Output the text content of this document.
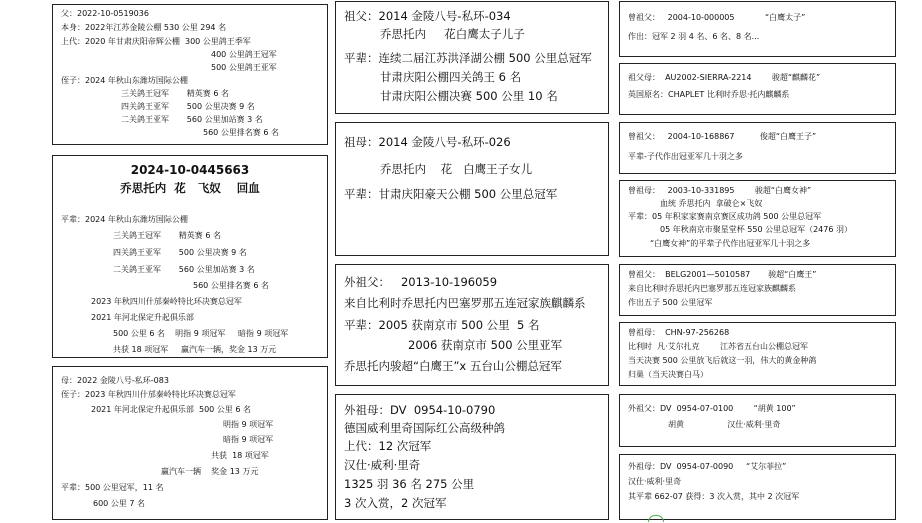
父：2022-10-0519036
本身：2022年江苏金陵公棚 530 公里 294 名
上代：2020 年甘肃庆阳帝辉公棚  300 公里鸽王季军
400 公里鸽王冠军
500 公里鸽王亚军
侄子：2024 年秋山东潍坊国际公棚
三关鸽王冠军       精英赛 6 名
四关鸽王亚军       500 公里决赛 9 名
二关鸽王亚军       560 公里加站赛 3 名
560 公里排名赛 6 名
2024-10-0445663
乔思托内  花   飞奴    回血
平辈：2024 年秋山东潍坊国际公棚
三关鸽王冠军       精英赛 6 名
四关鸽王亚军       500 公里决赛 9 名
二关鸽王亚军       560 公里加站赛 3 名
560 公里排名赛 6 名
2023 年秋四川什邡秦岭特比环决赛总冠军
2021 年河北保定升起俱乐部
500 公里 6 名    明指 9 项冠军     暗指 9 项冠军
共获 18 项冠军     赢汽车一辆，奖金 13 万元
母：2022 金陵八号-私环-083
侄子：2023 年秋四川什邡秦岭特比环决赛总冠军
2021 年河北保定升起俱乐部  500 公里 6 名
明指 9 项冠军
暗指 9 项冠军
共获  18 项冠军
赢汽车一辆    奖金 13 万元
平辈：500 公里冠军，11 名
600 公里 7 名
祖父：2014 金陵八号-私环-034
乔思托内     花白鹰太子儿子
平辈：连续二届江苏洪泽湖公棚 500 公里总冠军
甘肃庆阳公棚四关鸽王 6 名
甘肃庆阳公棚决赛 500 公里 10 名
祖母：2014 金陵八号-私环-026
乔思托内    花   白鹰王子女儿
平辈：甘肃庆阳豪天公棚 500 公里总冠军
外祖父：   2013-10-196059
来自比利时乔思托内巴塞罗那五连冠家族麒麟系
平辈：2005 获南京市 500 公里  5 名
2006 获南京市 500 公里亚军
乔思托内骏超“白鹰王”x 五台山公棚总冠军
外祖母：DV  0954-10-0790
德国威利里奇国际红公高级种鸽
上代：12 次冠军
汉仕·威利·里奇
1325 羽 36 名 275 公里
3 次入赏，2 次冠军
曾祖父：   2004-10-000005            “白鹰太子”
作出：冠军 2 羽 4 名、6 名、8 名...
祖父母：  AU2002-SIERRA-2214        骏超“麒麟花”
英国原名：CHAPLET 比利时乔思·托内麒麟系
曾祖父：   2004-10-168867          俊超“白鹰王子”
平辈-子代作出冠亚军几十羽之多
曾祖母：   2003-10-331895        骏超“白鹰女神”
血统 乔思托内  拿破仑×飞奴
平辈：05 年积家家赛南京赛区成功鸽 500 公里总冠军
05 年秋南京市聚星堂杯 550 公里总冠军（2476 羽）
“白鹰女神”的平辈子代作出冠亚军几十羽之多
曾祖父：  BELG2001—5010587       骏超“白鹰王”
来自比利时乔思托内巴塞罗那五连冠家族麒麟系
作出五子 500 公里冠军
曾祖母：  CHN-97-256268
比利时  凡·艾尔扎克        江苏省五台山公棚总冠军
当天决赛 500 公里放飞后就这一羽，伟大的黄金种鸽
归巢（当天决赛白马）
外祖父：DV  0954-07-0100        “胡黄 100”
胡黄                 汉仕·威利·里奇
外祖母：DV  0954-07-0090     “艾尔菲拉”
汉仕·威利·里奇
其平辈 662-07 获得：3 次入赏，其中 2 次冠军
